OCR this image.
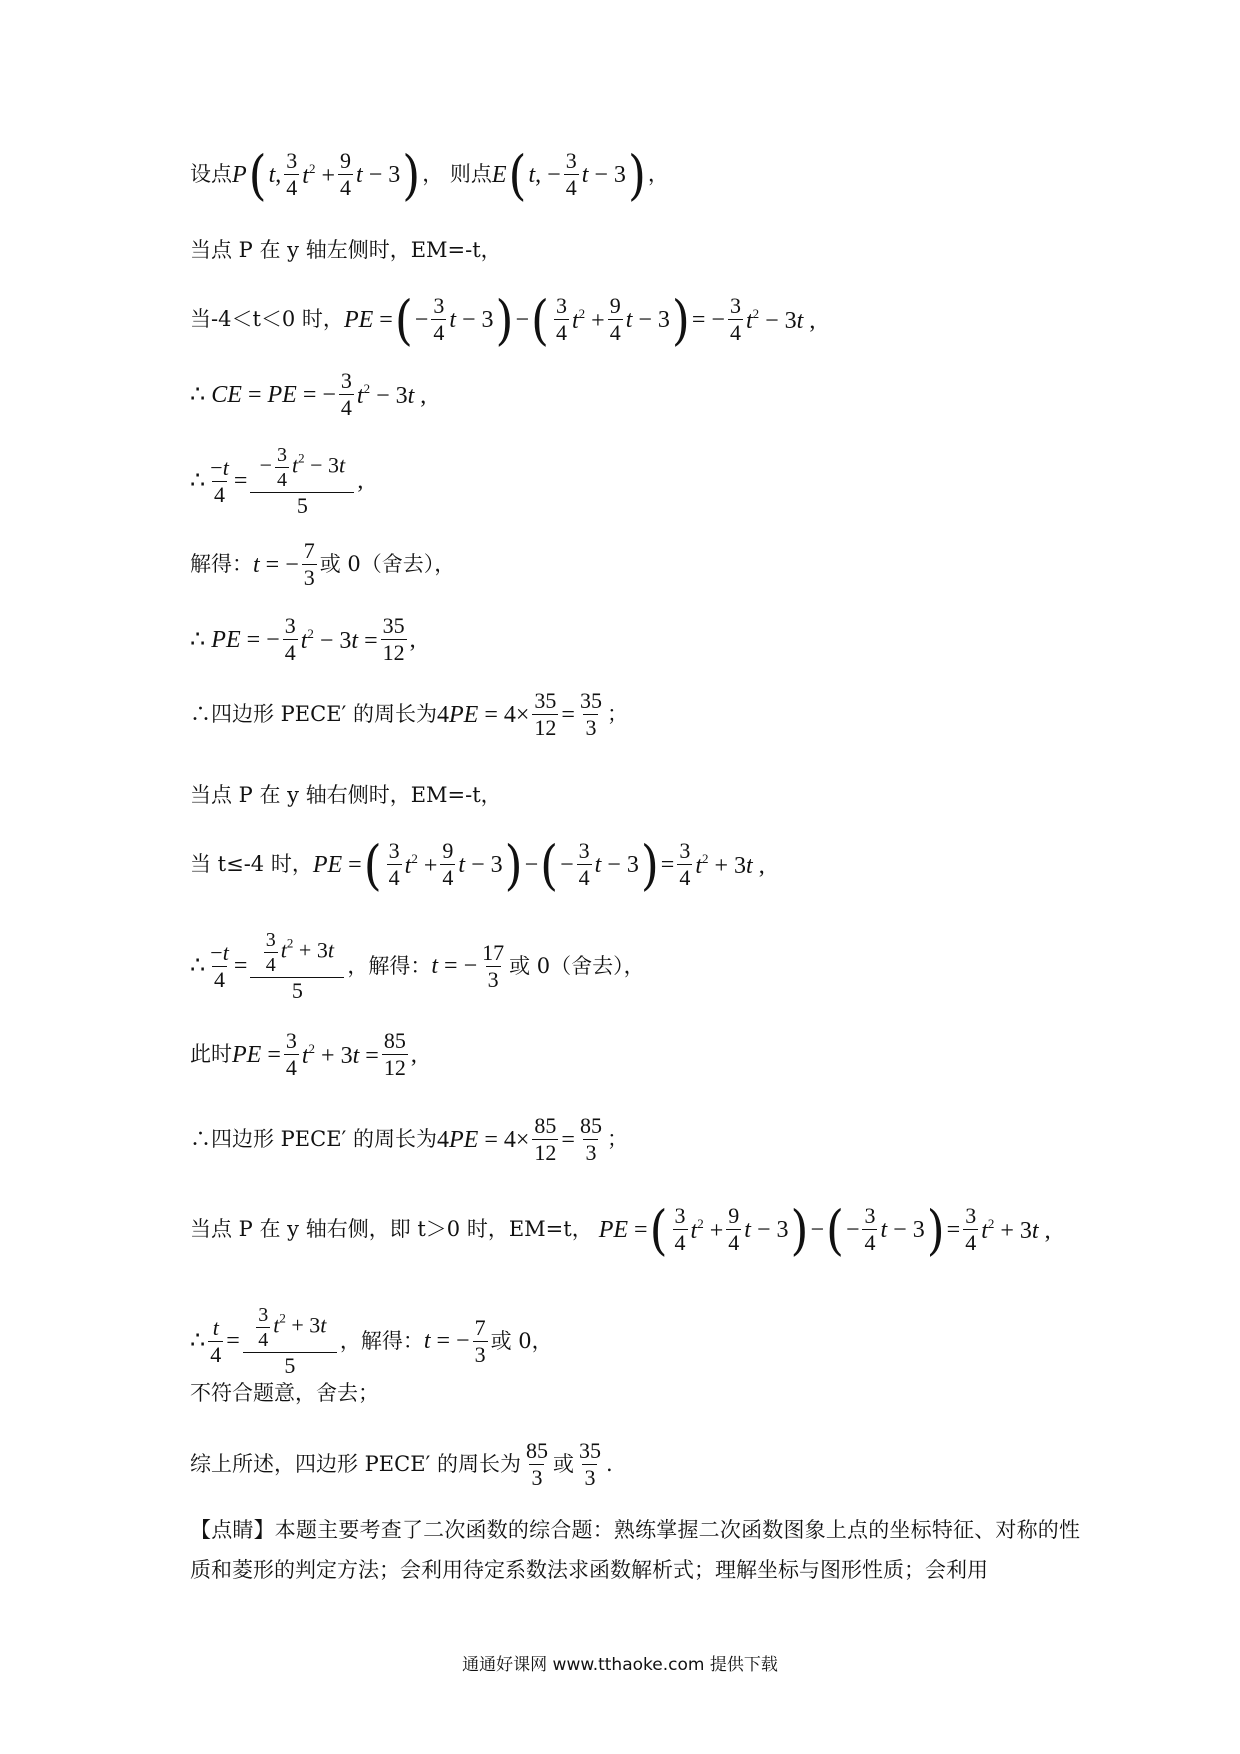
设点 P ( t , $\frac{3}{4} t^2 + \frac{9}{4}$ t − 3 ) ， 则点 E ( t, − $\frac{3}{4}$ t − 3 ) ，
当点 P 在 y 轴左侧时，EM=-t，
当-4＜t＜0 时， PE = ( − $\frac{3}{4}$ t − 3 ) − ( $\frac{3}{4} t^2 + \frac{9}{4}$ t − 3 ) = − $\frac{3}{4} t^2 - 3t$ ,
∴ CE = PE = − $\frac{3}{4} t^2 - 3t$ ,
∴ $\frac{-t}{4} = \frac{- \frac{3}{4} t^2 - 3t}{5}$ ,
解得： t = − $\frac{7}{3}$ 或 0（舍去），
∴ PE = − $\frac{3}{4} t^2 - 3t = \frac{35}{12}$ ,
∴四边形 PECE′ 的周长为 $4PE = 4\times \frac{35}{12} = \frac{35}{3}$ ；
当点 P 在 y 轴右侧时，EM=-t，
当 t≤-4 时， PE = ( $\frac{3}{4} t^2 + \frac{9}{4}$ t − 3 ) − ( − $\frac{3}{4}$ t − 3 ) = $\frac{3}{4} t^2 + 3t$ ,
∴ $\frac{-t}{4} = \frac{\frac{3}{4} t^2 + 3t}{5}$ ，解得： t = − $\frac{17}{3}$ 或 0（舍去），
此时 PE = $\frac{3}{4} t^2 + 3t = \frac{85}{12}$ ,
∴四边形 PECE′ 的周长为 $4PE = 4\times \frac{85}{12} = \frac{85}{3}$ ；
当点 P 在 y 轴右侧，即 t＞0 时，EM=t， PE = ( $\frac{3}{4} t^2 + \frac{9}{4}$ t − 3 ) − ( − $\frac{3}{4}$ t − 3 ) = $\frac{3}{4} t^2 + 3t$ ,
∴ $\frac{t}{4} = \frac{\frac{3}{4} t^2 + 3t}{5}$ ，解得： t = − $\frac{7}{3}$ 或 0，
不符合题意，舍去；
综上所述，四边形 PECE′ 的周长为 $\frac{85}{3}$ 或 $\frac{35}{3}$ .
【点睛】本题主要考查了二次函数的综合题：熟练掌握二次函数图象上点的坐标特征、对称的性质和菱形的判定方法；会利用待定系数法求函数解析式；理解坐标与图形性质；会利用
通通好课网 www.tthaoke.com 提供下载
